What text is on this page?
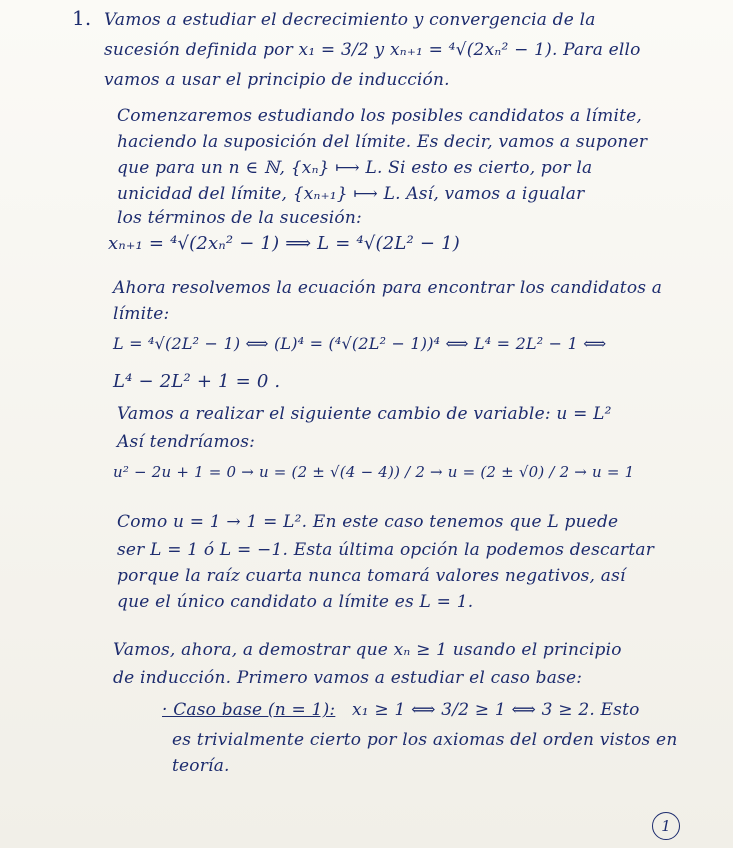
1. Vamos a estudiar el decrecimiento y convergencia de la
sucesión definida por x₁ = 3/2 y xₙ₊₁ = ⁴√(2xₙ² − 1). Para ello
vamos a usar el principio de inducción.
Comenzaremos estudiando los posibles candidatos a límite,
haciendo la suposición del límite. Es decir, vamos a suponer
que para un n ∈ ℕ, {xₙ} ⟼ L. Si esto es cierto, por la
unicidad del límite, {xₙ₊₁} ⟼ L. Así, vamos a igualar
los términos de la sucesión:
xₙ₊₁ = ⁴√(2xₙ² − 1) ⟹ L = ⁴√(2L² − 1)
Ahora resolvemos la ecuación para encontrar los candidatos a
límite:
L = ⁴√(2L² − 1) ⟺ (L)⁴ = (⁴√(2L² − 1))⁴ ⟺ L⁴ = 2L² − 1 ⟺
L⁴ − 2L² + 1 = 0 .
Vamos a realizar el siguiente cambio de variable: u = L²
Así tendríamos:
u² − 2u + 1 = 0 → u = (2 ± √(4 − 4)) / 2 → u = (2 ± √0) / 2 → u = 1
Como u = 1 → 1 = L². En este caso tenemos que L puede
ser L = 1 ó L = −1. Esta última opción la podemos descartar
porque la raíz cuarta nunca tomará valores negativos, así
que el único candidato a límite es L = 1.
Vamos, ahora, a demostrar que xₙ ≥ 1 usando el principio
de inducción. Primero vamos a estudiar el caso base:
· Caso base (n = 1): x₁ ≥ 1 ⟺ 3/2 ≥ 1 ⟺ 3 ≥ 2. Esto
es trivialmente cierto por los axiomas del orden vistos en
teoría.
1
